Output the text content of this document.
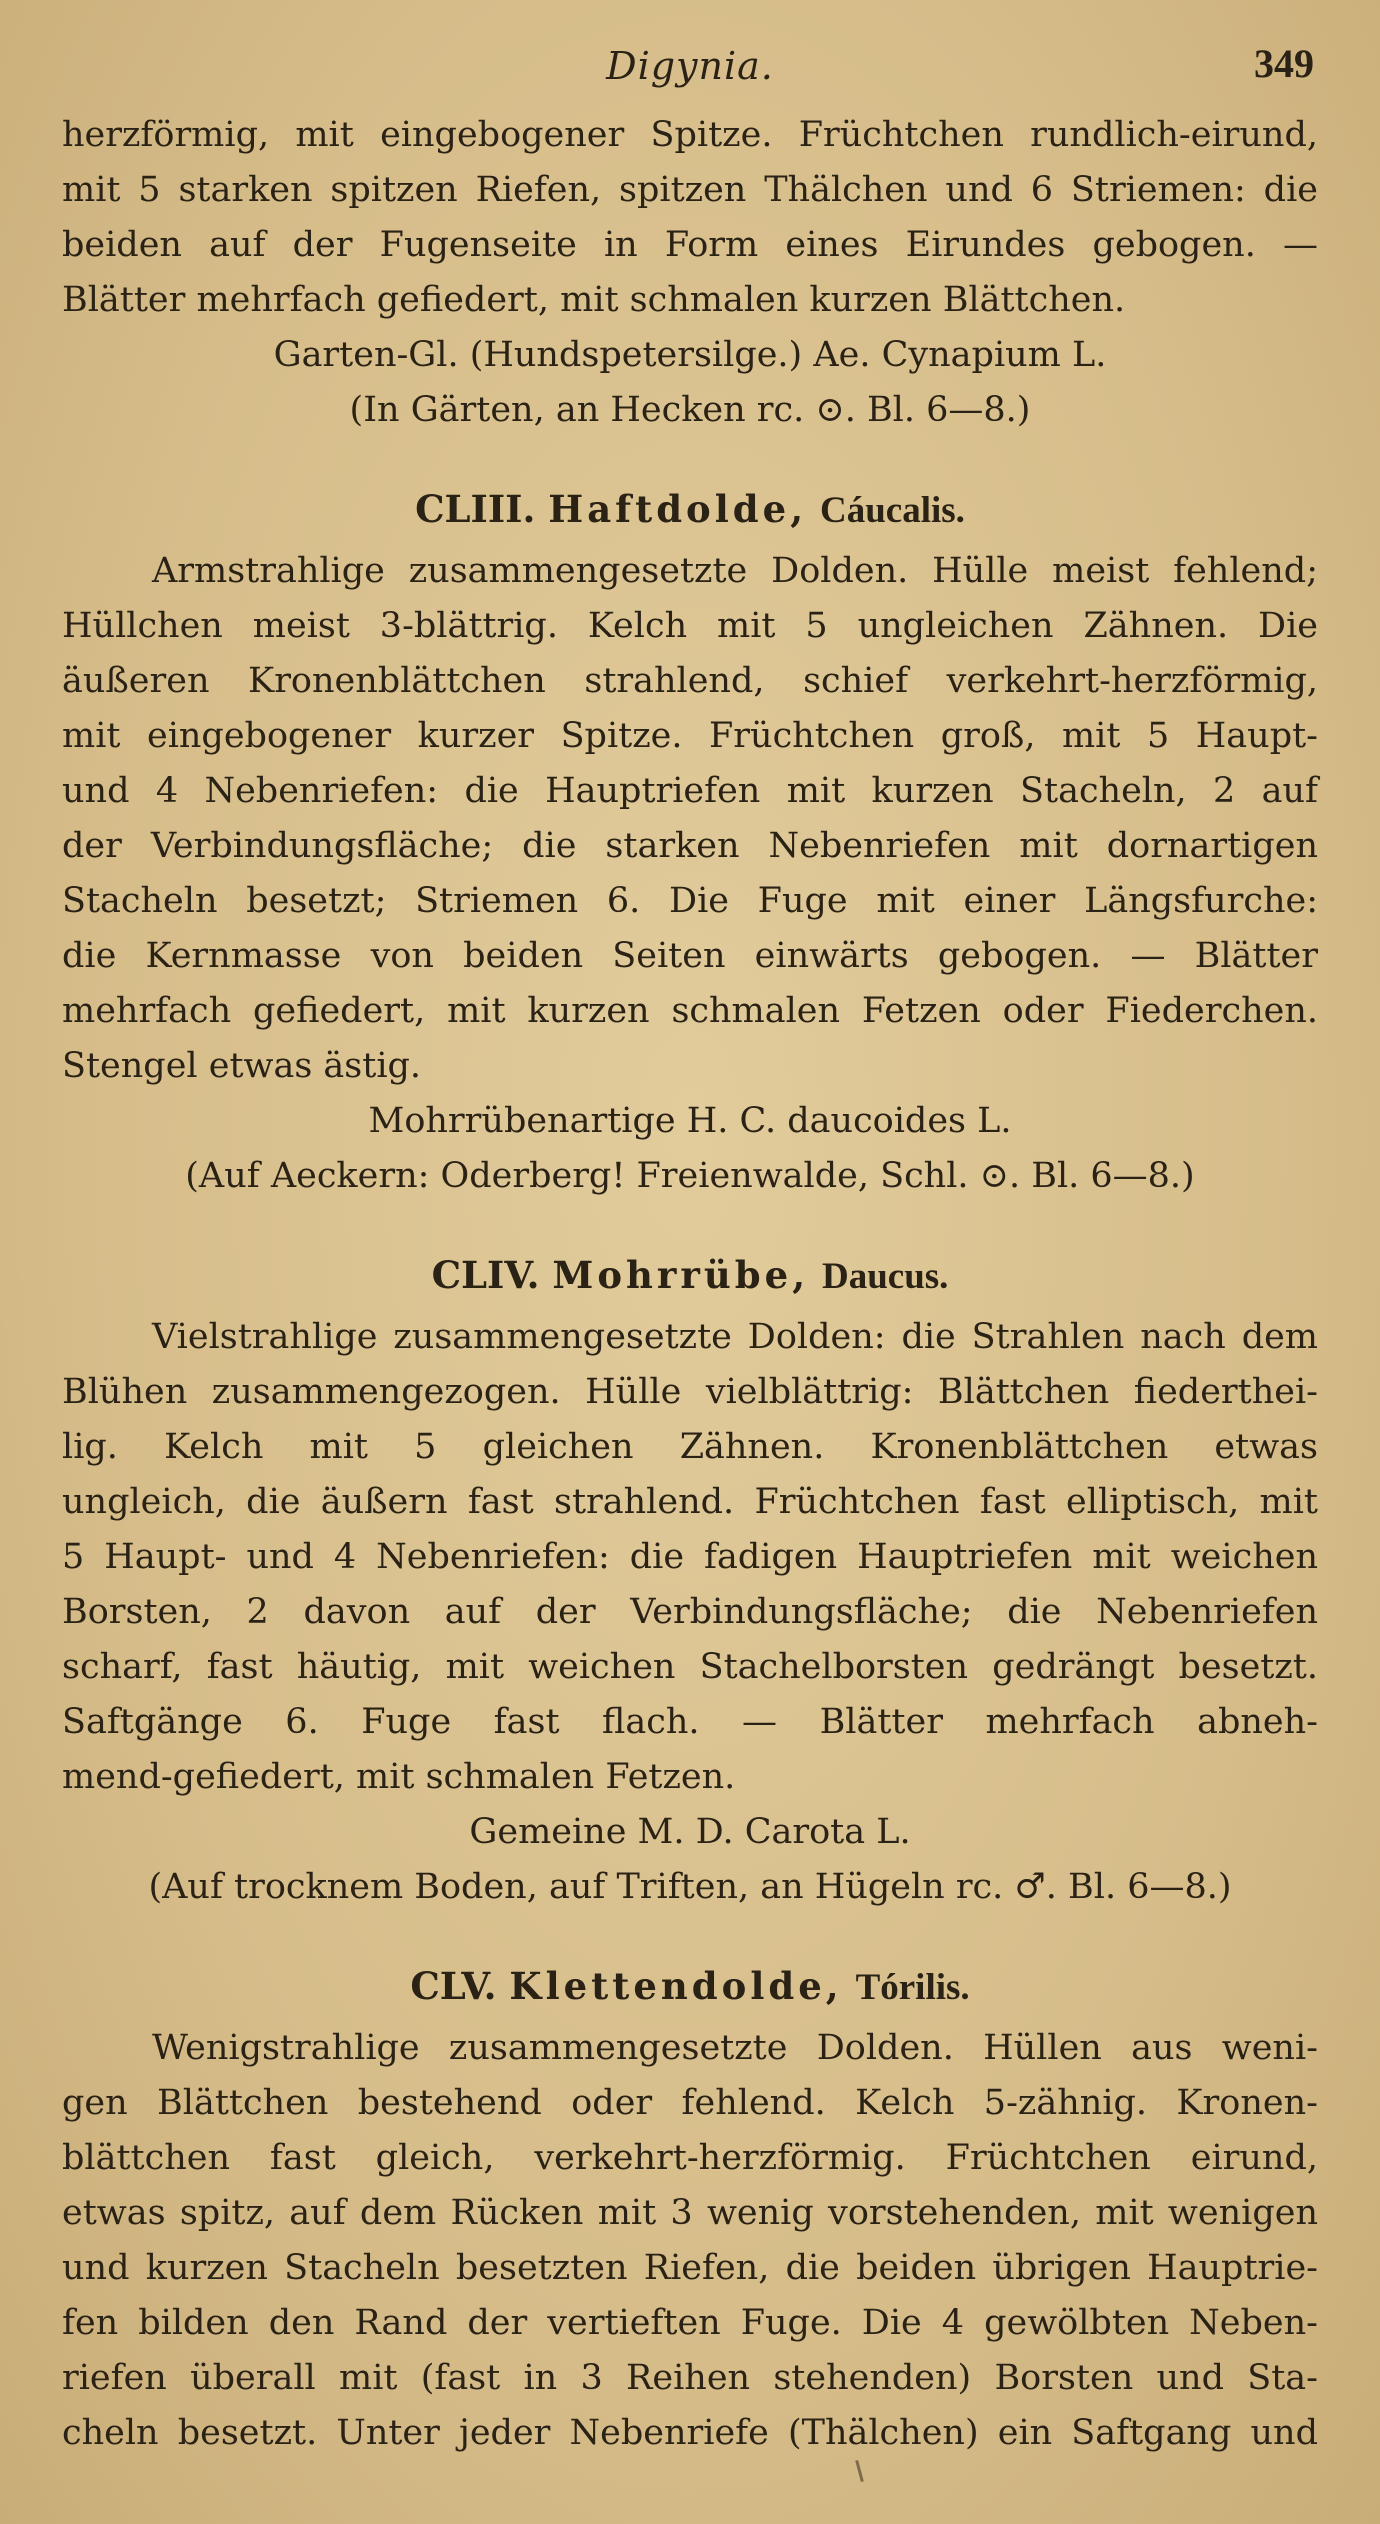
Digynia.	349
herzförmig, mit eingebogener Spitze. Früchtchen rundlich-eirund,
mit 5 starken spitzen Riefen, spitzen Thälchen und 6 Striemen: die
beiden auf der Fugenseite in Form eines Eirundes gebogen. —
Blätter mehrfach gefiedert, mit schmalen kurzen Blättchen.

Garten-Gl. (Hundspetersilge.) Ae. Cynapium L.

(In Gärten, an Hecken rc. ⊙. Bl. 6—8.)

CLIII. Haftdolde, Cáucalis.
Armstrahlige zusammengesetzte Dolden. Hülle meist fehlend;
Hüllchen meist 3-blättrig. Kelch mit 5 ungleichen Zähnen. Die
äußeren Kronenblättchen strahlend, schief verkehrt-herzförmig,
mit eingebogener kurzer Spitze. Früchtchen groß, mit 5 Haupt-
und 4 Nebenriefen: die Hauptriefen mit kurzen Stacheln, 2 auf
der Verbindungsfläche; die starken Nebenriefen mit dornartigen
Stacheln besetzt; Striemen 6. Die Fuge mit einer Längsfurche:
die Kernmasse von beiden Seiten einwärts gebogen. — Blätter
mehrfach gefiedert, mit kurzen schmalen Fetzen oder Fiederchen.
Stengel etwas ästig.

Mohrrübenartige H. C. daucoides L.

(Auf Aeckern: Oderberg! Freienwalde, Schl. ⊙. Bl. 6—8.)

CLIV. Mohrrübe, Daucus.
Vielstrahlige zusammengesetzte Dolden: die Strahlen nach dem
Blühen zusammengezogen. Hülle vielblättrig: Blättchen fiederthei-
lig. Kelch mit 5 gleichen Zähnen. Kronenblättchen etwas
ungleich, die äußern fast strahlend. Früchtchen fast elliptisch, mit
5 Haupt- und 4 Nebenriefen: die fadigen Hauptriefen mit weichen
Borsten, 2 davon auf der Verbindungsfläche; die Nebenriefen
scharf, fast häutig, mit weichen Stachelborsten gedrängt besetzt.
Saftgänge 6. Fuge fast flach. — Blätter mehrfach abneh-
mend-gefiedert, mit schmalen Fetzen.

Gemeine M. D. Carota L.

(Auf trocknem Boden, auf Triften, an Hügeln rc. ♂. Bl. 6—8.)

CLV. Klettendolde, Tórilis.
Wenigstrahlige zusammengesetzte Dolden. Hüllen aus weni-
gen Blättchen bestehend oder fehlend. Kelch 5-zähnig. Kronen-
blättchen fast gleich, verkehrt-herzförmig. Früchtchen eirund,
etwas spitz, auf dem Rücken mit 3 wenig vorstehenden, mit wenigen
und kurzen Stacheln besetzten Riefen, die beiden übrigen Hauptrie-
fen bilden den Rand der vertieften Fuge. Die 4 gewölbten Neben-
riefen überall mit (fast in 3 Reihen stehenden) Borsten und Sta-
cheln besetzt. Unter jeder Nebenriefe (Thälchen) ein Saftgang und
